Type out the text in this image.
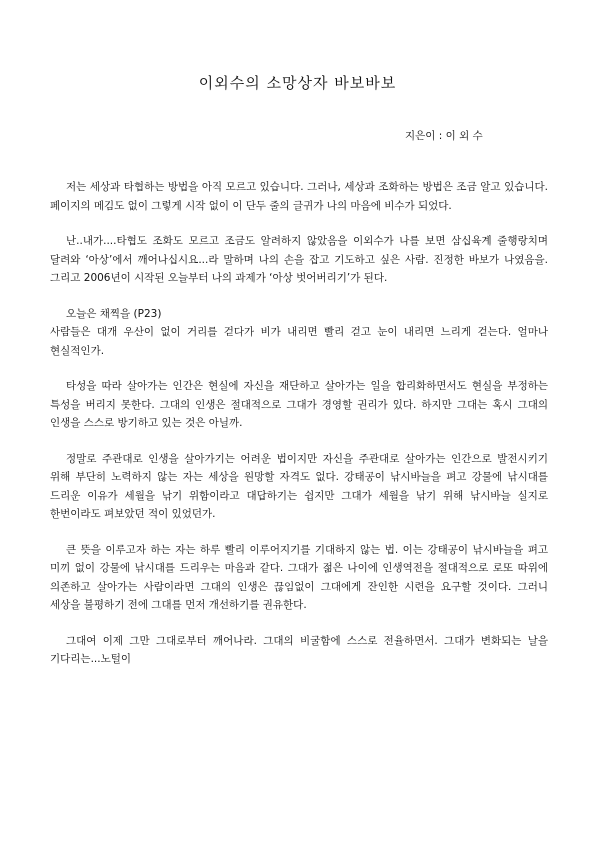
이외수의 소망상자 바보바보

지은이 : 이 외 수

저는 세상과 타협하는 방법을 아직 모르고 있습니다. 그러나, 세상과 조화하는 방법은 조금 알고 있습니다. 페이지의 메김도 없이 그렇게 시작 없이 이 단두 줄의 글귀가 나의 마음에 비수가 되었다.

난..내가....타협도 조화도 모르고 조금도 알려하지 않았음을 이외수가 나를 보면 삼십육계 줄행랑치며 달려와 ‘아상’에서 깨어나십시요...라 말하며 나의 손을 잡고 기도하고 싶은 사람. 진정한 바보가 나였음을. 그리고 2006년이 시작된 오늘부터 나의 과제가 ‘아상 벗어버리기’가 된다.

오늘은 채찍을 (P23)

사람들은 대개 우산이 없이 거리를 걷다가 비가 내리면 빨리 걷고 눈이 내리면 느리게 걷는다. 얼마나 현실적인가.

타성을 따라 살아가는 인간은 현실에 자신을 재단하고 살아가는 일을 합리화하면서도 현실을 부정하는 특성을 버리지 못한다. 그대의 인생은 절대적으로 그대가 경영할 권리가 있다. 하지만 그대는 혹시 그대의 인생을 스스로 방기하고 있는 것은 아닐까.

정말로 주관대로 인생을 살아가기는 어려운 법이지만 자신을 주관대로 살아가는 인간으로 발전시키기 위해 부단히 노력하지 않는 자는 세상을 원망할 자격도 없다. 강태공이 낚시바늘을 펴고 강물에 낚시대를 드리운 이유가 세월을 낚기 위함이라고 대답하기는 쉽지만 그대가 세월을 낚기 위해 낚시바늘 실지로 한번이라도 펴보았던 적이 있었던가.

큰 뜻을 이루고자 하는 자는 하루 빨리 이루어지기를 기대하지 않는 법. 이는 강태공이 낚시바늘을 펴고 미끼 없이 강물에 낚시대를 드리우는 마음과 같다. 그대가 젊은 나이에 인생역전을 절대적으로 로또 따위에 의존하고 살아가는 사람이라면 그대의 인생은 끊임없이 그대에게 잔인한 시련을 요구할 것이다. 그러니 세상을 불평하기 전에 그대를 먼저 개선하기를 권유한다.

그대여 이제 그만 그대로부터 깨어나라. 그대의 비굴함에 스스로 전율하면서. 그대가 변화되는 날을 기다리는...노털이
